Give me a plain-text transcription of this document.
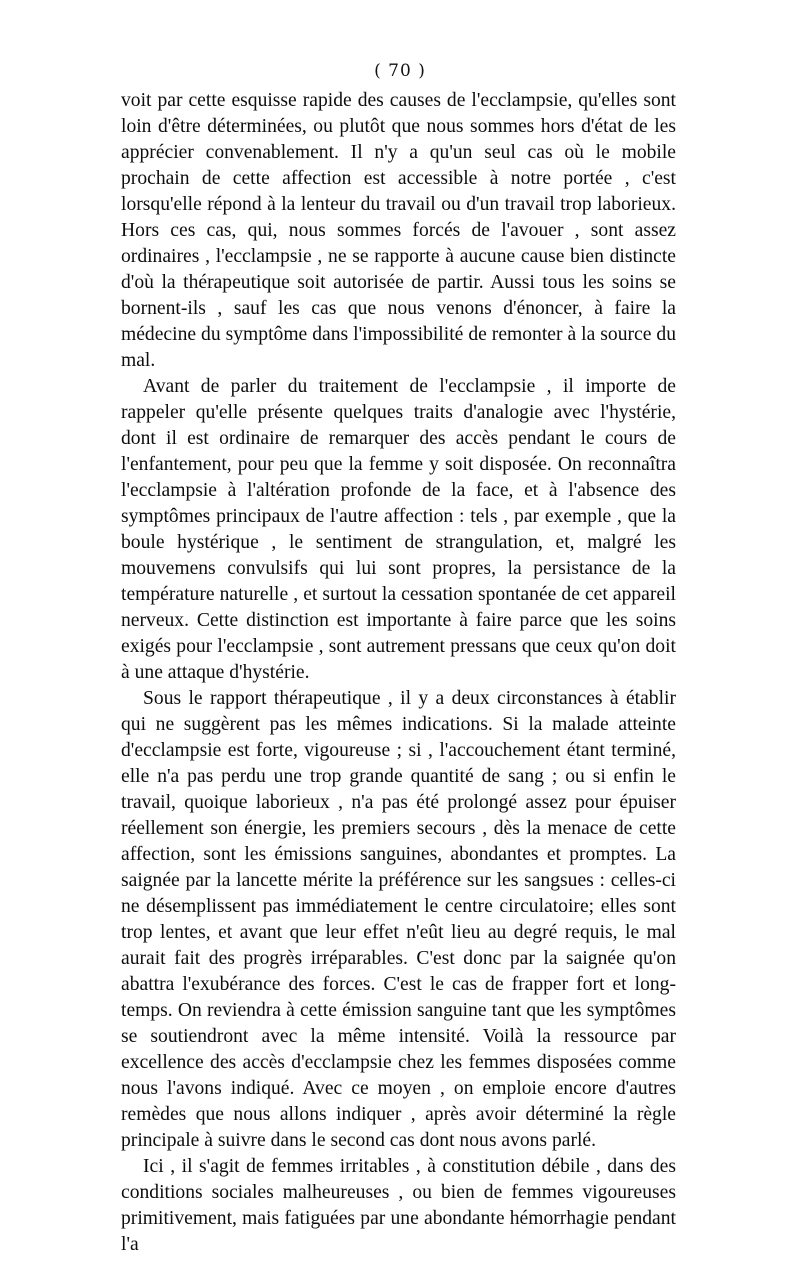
( 70 )

voit par cette esquisse rapide des causes de l'ecclampsie, qu'elles sont loin d'être déterminées, ou plutôt que nous sommes hors d'état de les apprécier convenablement. Il n'y a qu'un seul cas où le mobile prochain de cette affection est accessible à notre portée , c'est lorsqu'elle répond à la lenteur du travail ou d'un travail trop laborieux. Hors ces cas, qui, nous sommes forcés de l'avouer , sont assez ordinaires , l'ecclampsie , ne se rapporte à aucune cause bien distincte d'où la thérapeutique soit autorisée de partir. Aussi tous les soins se bornent-ils , sauf les cas que nous venons d'énoncer, à faire la médecine du symptôme dans l'impossibilité de remonter à la source du mal.

Avant de parler du traitement de l'ecclampsie , il importe de rappeler qu'elle présente quelques traits d'analogie avec l'hystérie, dont il est ordinaire de remarquer des accès pendant le cours de l'enfantement, pour peu que la femme y soit disposée. On reconnaîtra l'ecclampsie à l'altération profonde de la face, et à l'absence des symptômes principaux de l'autre affection : tels , par exemple , que la boule hystérique , le sentiment de strangulation, et, malgré les mouvemens convulsifs qui lui sont propres, la persistance de la température naturelle , et surtout la cessation spontanée de cet appareil nerveux. Cette distinction est importante à faire parce que les soins exigés pour l'ecclampsie , sont autrement pressans que ceux qu'on doit à une attaque d'hystérie.

Sous le rapport thérapeutique , il y a deux circonstances à établir qui ne suggèrent pas les mêmes indications. Si la malade atteinte d'ecclampsie est forte, vigoureuse ; si , l'accouchement étant terminé, elle n'a pas perdu une trop grande quantité de sang ; ou si enfin le travail, quoique laborieux , n'a pas été prolongé assez pour épuiser réellement son énergie, les premiers secours , dès la menace de cette affection, sont les émissions sanguines, abondantes et promptes. La saignée par la lancette mérite la préférence sur les sangsues : celles-ci ne désemplissent pas immédiatement le centre circulatoire; elles sont trop lentes, et avant que leur effet n'eût lieu au degré requis, le mal aurait fait des progrès irréparables. C'est donc par la saignée qu'on abattra l'exubérance des forces. C'est le cas de frapper fort et long-temps. On reviendra à cette émission sanguine tant que les symptômes se soutiendront avec la même intensité. Voilà la ressource par excellence des accès d'ecclampsie chez les femmes disposées comme nous l'avons indiqué. Avec ce moyen , on emploie encore d'autres remèdes que nous allons indiquer , après avoir déterminé la règle principale à suivre dans le second cas dont nous avons parlé.

Ici , il s'agit de femmes irritables , à constitution débile , dans des conditions sociales malheureuses , ou bien de femmes vigoureuses primitivement, mais fatiguées par une abondante hémorrhagie pendant l'a
